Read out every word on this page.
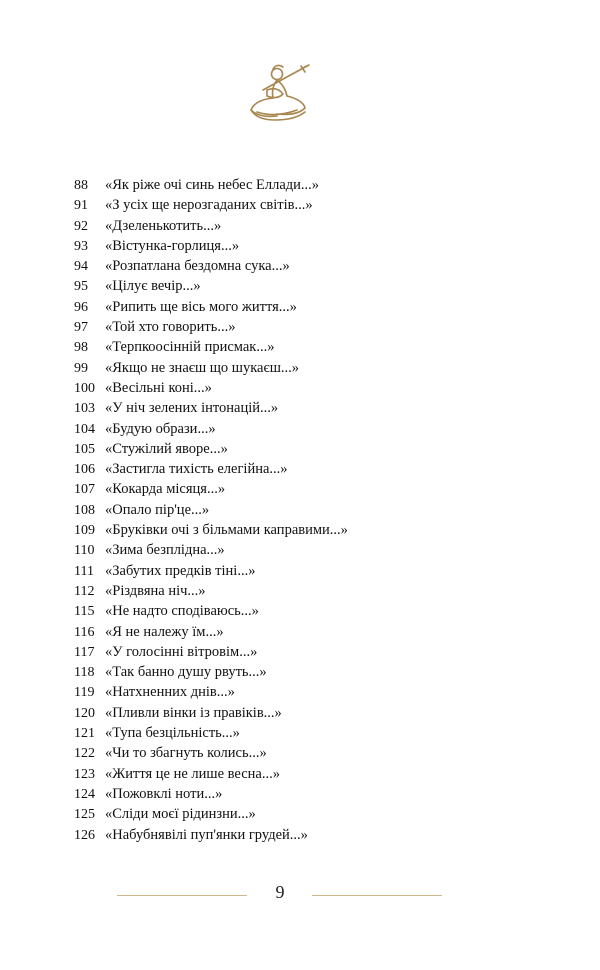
88	«Як ріже очі синь небес Еллади...»
91	«З усіх ще нерозгаданих світів...»
92	«Дзеленькотить...»
93	«Вістунка-горлиця...»
94	«Розпатлана бездомна сука...»
95	«Цілує вечір...»
96	«Рипить ще вісь мого життя...»
97	«Той хто говорить...»
98	«Терпкоосінній присмак...»
99	«Якщо не знаєш що шукаєш...»
100 «Весільні коні...»
103 «У ніч зелених інтонацій...»
104 «Будую образи...»
105 «Стужілий яворе...»
106 «Застигла тихість елегійна...»
107 «Кокарда місяця...»
108 «Опало пір'це...»
109 «Бруківки очі з більмами каправими...»
110 «Зима безплідна...»
111 «Забутих предків тіні...»
112 «Різдвяна ніч...»
115 «Не надто сподіваюсь...»
116 «Я не належу їм...»
117 «У голосінні вітровім...»
118 «Так банно душу рвуть...»
119 «Натхненних днів...»
120 «Пливли вінки із правіків...»
121 «Тупа безцільність...»
122 «Чи то збагнуть колись...»
123 «Життя це не лише весна...»
124 «Пожовклі ноти...»
125 «Сліди моєї рідинзни...»
126 «Набубнявілі пуп'янки грудей...»
9
